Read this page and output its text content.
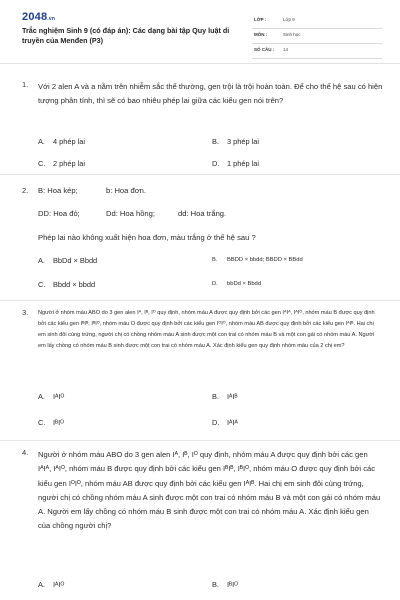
2048.vn
Trắc nghiệm Sinh 9 (có đáp án): Các dạng bài tập Quy luật di truyền của Menđen (P3)
LỚP :	Lớp 9
MÔN :	Sinh học
SỐ CÂU : 14
1. Với 2 alen A và a nằm trên nhiễm sắc thể thường, gen trội là trội hoàn toàn. Để cho thế hệ sau có hiện tượng phân tính, thì sẽ có bao nhiêu phép lai giữa các kiểu gen nói trên?
A. 4 phép lai	B. 3 phép lai
C. 2 phép lai	D. 1 phép lai
2. B: Hoa kép;	b: Hoa đơn.
DD: Hoa đỏ;	Dd: Hoa hồng;	dd: Hoa trắng.
Phép lai nào không xuất hiện hoa đơn, màu trắng ở thế hệ sau ?
A. BbDd × Bbdd	B. BBDD × bbdd; BBDD × BBdd
C. Bbdd × bbdd	D. bbDd × Bbdd
3. Người ở nhóm máu ABO do 3 gen alen Iᴬ, Iᴮ, Iᴼ quy định, nhóm máu A được quy định bởi các gen IᴬIᴬ, IᴬIᴼ, nhóm máu B được quy định bởi các kiểu gen IᴮIᴮ, IᴮIᴼ, nhóm máu O được quy định bởi các kiểu gen IᴼIᴼ, nhóm máu AB được quy định bởi các kiểu gen IᴬIᴮ. Hai chị em sinh đôi cùng trứng, người chị có chồng nhóm máu A sinh được một con trai có nhóm máu B và một con gái có nhóm máu A. Người em lấy chồng có nhóm máu B sinh được một con trai có nhóm máu A. Xác định kiểu gen quy định nhóm máu của 2 chị em?
A. IᴬIᴼ	B. IᴬIᴮ
C. IᴮIᴼ	D. IᴬIᴬ
4. Người ở nhóm máu ABO do 3 gen alen Iᴬ, Iᴮ, Iᴼ quy định, nhóm máu A được quy định bởi các gen IᴬIᴬ, IᴬIᴼ, nhóm máu B được quy định bởi các kiểu gen IᴮIᴮ, IᴮIᴼ, nhóm máu O được quy định bởi các kiểu gen IᴼIᴼ, nhóm máu AB được quy định bởi các kiểu gen IᴬIᴮ. Hai chị em sinh đôi cùng trứng, người chị có chồng nhóm máu A sinh được một con trai có nhóm máu B và một con gái có nhóm máu A. Người em lấy chồng có nhóm máu B sinh được một con trai có nhóm máu A. Xác định kiểu gen của chồng người chị?
A. IᴬIᴼ	B. IᴮIᴼ
